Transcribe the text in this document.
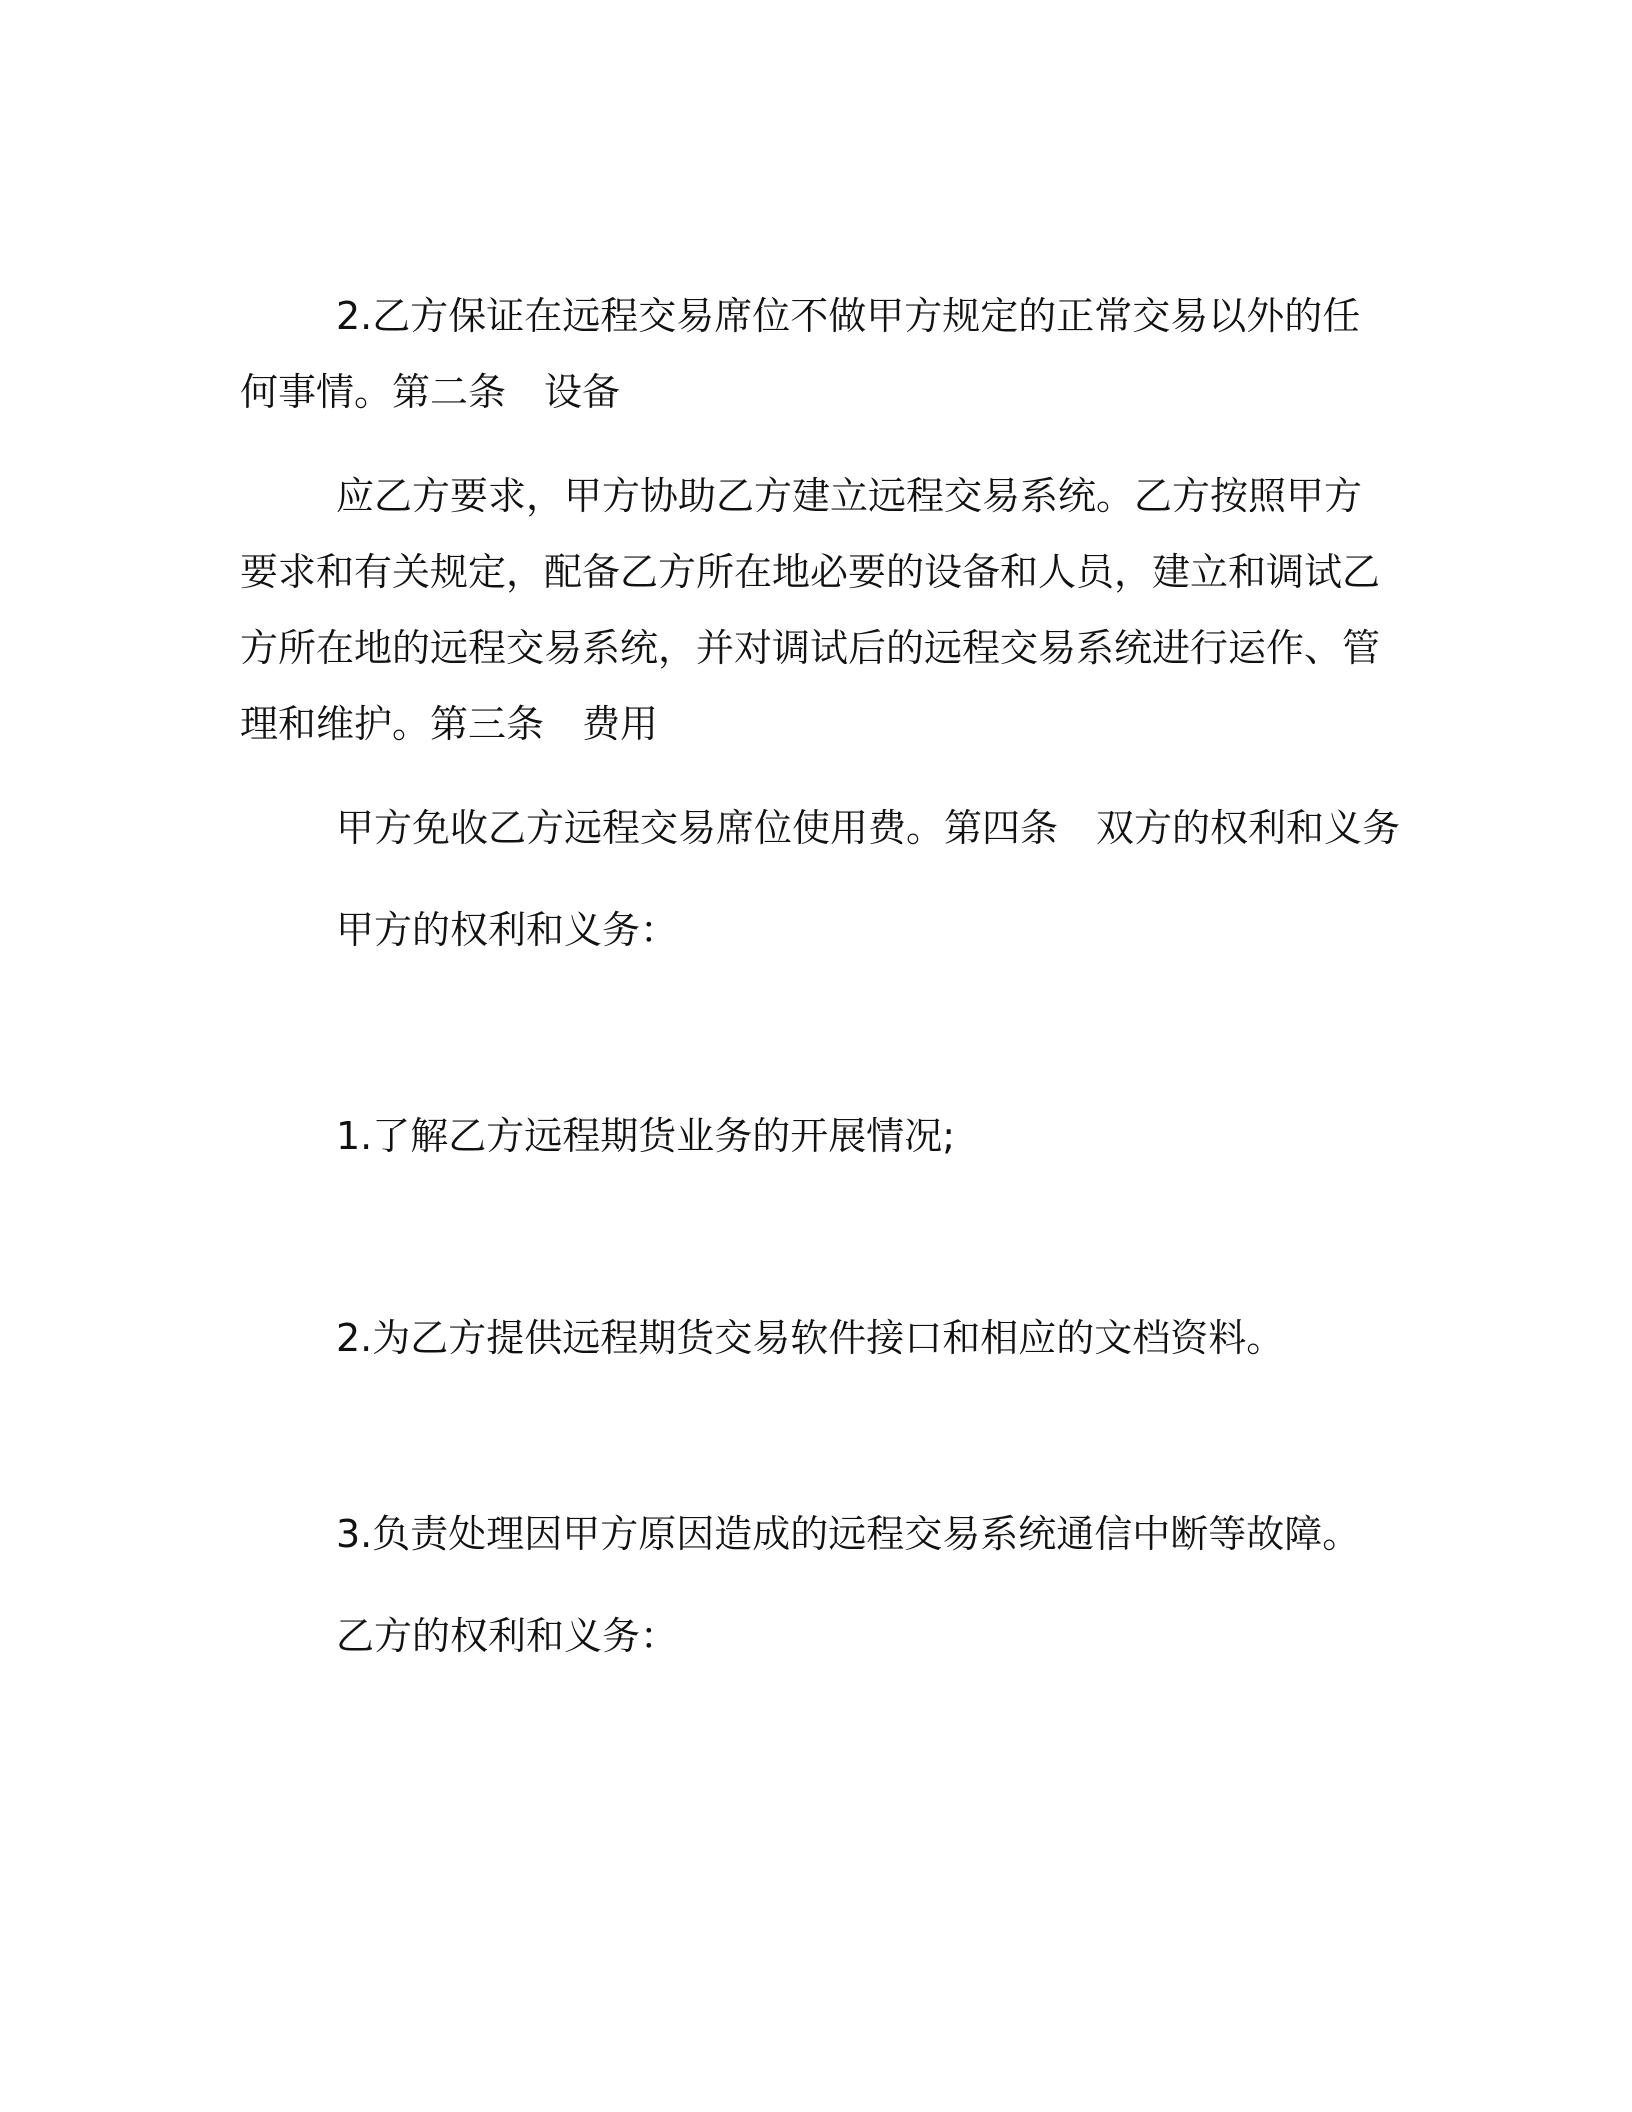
2.乙方保证在远程交易席位不做甲方规定的正常交易以外的任何事情。第二条　设备

应乙方要求，甲方协助乙方建立远程交易系统。乙方按照甲方要求和有关规定，配备乙方所在地必要的设备和人员，建立和调试乙方所在地的远程交易系统，并对调试后的远程交易系统进行运作、管理和维护。第三条　费用

甲方免收乙方远程交易席位使用费。第四条　双方的权利和义务

甲方的权利和义务：

1.了解乙方远程期货业务的开展情况;

2.为乙方提供远程期货交易软件接口和相应的文档资料。

3.负责处理因甲方原因造成的远程交易系统通信中断等故障。

乙方的权利和义务：
